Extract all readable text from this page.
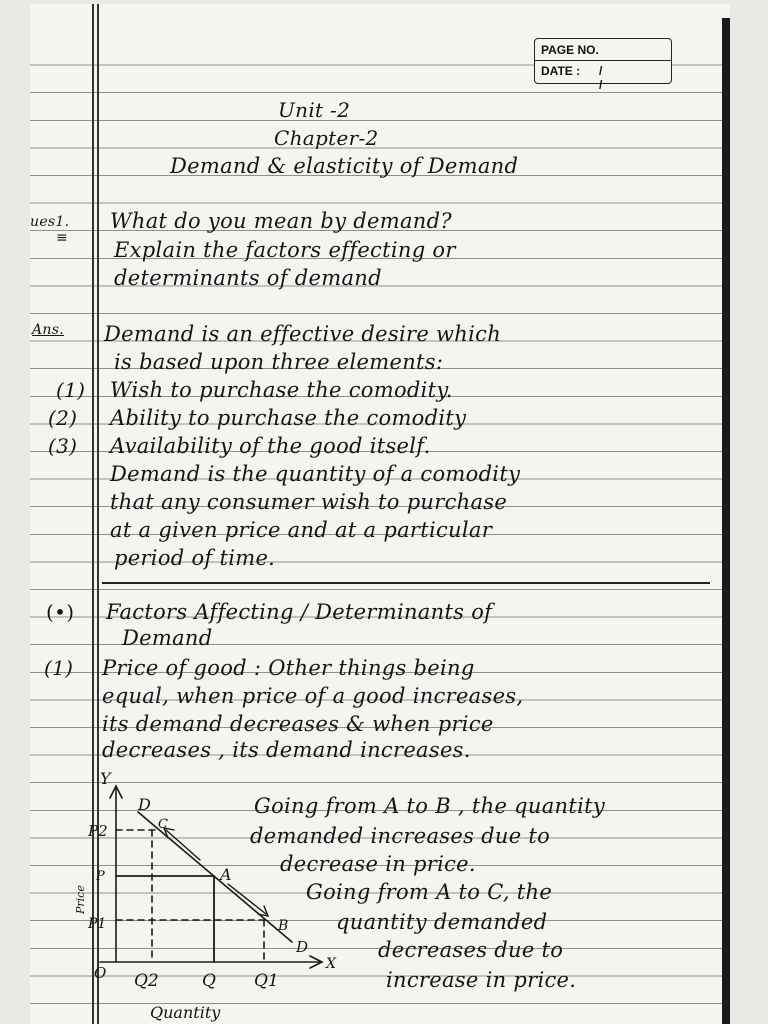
PAGE NO.
DATE : / /
Unit -2
Chapter-2
Demand & elasticity of Demand
ues1.
≡
What do you mean by demand?
Explain the factors effecting or
determinants of demand
Ans. Demand is an effective desire which
is based upon three elements:
(1) Wish to purchase the comodity.
(2) Ability to purchase the comodity
(3) Availability of the good itself.
Demand is the quantity of a comodity
that any consumer wish to purchase
at a given price and at a particular
period of time.
(•) Factors Affecting / Determinants of
Demand
(1) Price of good : Other things being
equal, when price of a good increases,
its demand decreases & when price
decreases , its demand increases.
Going from A to B , the quantity
demanded increases due to
decrease in price.
Going from A to C, the
quantity demanded
decreases due to
increase in price.
Y
X
O
D
D
P2
P
P1
A
B
C
Q2	Q Q1
Quantity
Price
